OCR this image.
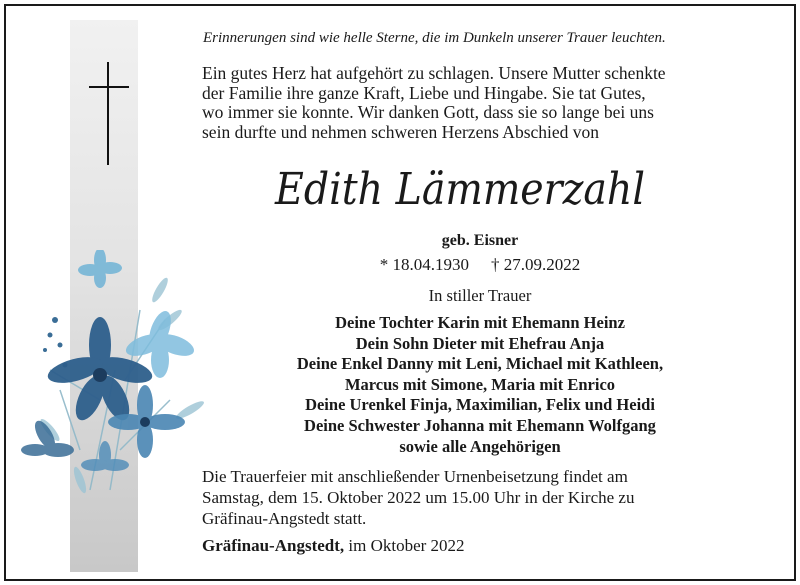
Erinnerungen sind wie helle Sterne, die im Dunkeln unserer Trauer leuchten.
Ein gutes Herz hat aufgehört zu schlagen. Unsere Mutter schenkte
der Familie ihre ganze Kraft, Liebe und Hingabe. Sie tat Gutes,
wo immer sie konnte. Wir danken Gott, dass sie so lange bei uns
sein durfte und nehmen schweren Herzens Abschied von
Edith Lämmerzahl
geb. Eisner
* 18.04.1930 † 27.09.2022
In stiller Trauer
Deine Tochter Karin mit Ehemann Heinz
Dein Sohn Dieter mit Ehefrau Anja
Deine Enkel Danny mit Leni, Michael mit Kathleen,
Marcus mit Simone, Maria mit Enrico
Deine Urenkel Finja, Maximilian, Felix und Heidi
Deine Schwester Johanna mit Ehemann Wolfgang
sowie alle Angehörigen
Die Trauerfeier mit anschließender Urnenbeisetzung findet am
Samstag, dem 15. Oktober 2022 um 15.00 Uhr in der Kirche zu
Gräfinau-Angstedt statt.
Gräfinau-Angstedt, im Oktober 2022
